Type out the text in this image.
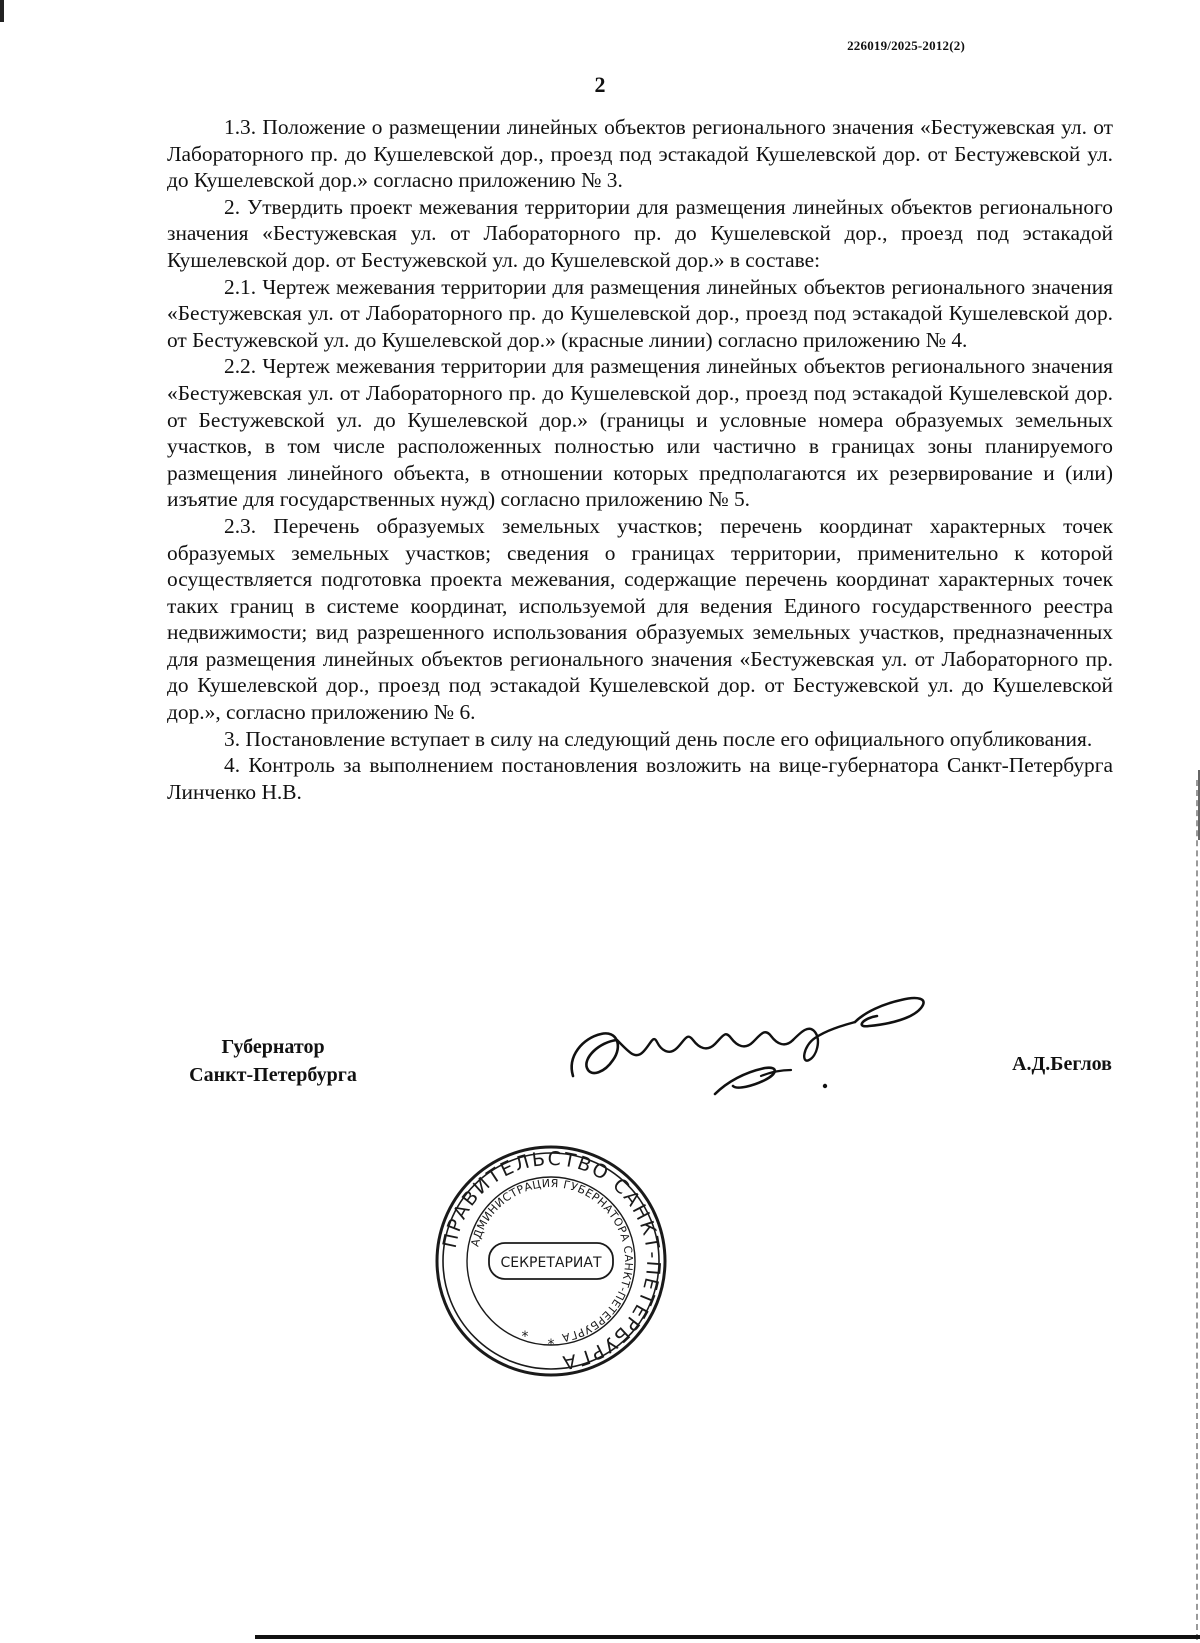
226019/2025-2012(2)
2

1.3. Положение о размещении линейных объектов регионального значения «Бестужевская ул. от Лабораторного пр. до Кушелевской дор., проезд под эстакадой Кушелевской дор. от Бестужевской ул. до Кушелевской дор.» согласно приложению № 3.

2. Утвердить проект межевания территории для размещения линейных объектов регионального значения «Бестужевская ул. от Лабораторного пр. до Кушелевской дор., проезд под эстакадой Кушелевской дор. от Бестужевской ул. до Кушелевской дор.» в составе:

2.1. Чертеж межевания территории для размещения линейных объектов регионального значения «Бестужевская ул. от Лабораторного пр. до Кушелевской дор., проезд под эстакадой Кушелевской дор. от Бестужевской ул. до Кушелевской дор.» (красные линии) согласно приложению № 4.

2.2. Чертеж межевания территории для размещения линейных объектов регионального значения «Бестужевская ул. от Лабораторного пр. до Кушелевской дор., проезд под эстакадой Кушелевской дор. от Бестужевской ул. до Кушелевской дор.» (границы и условные номера образуемых земельных участков, в том числе расположенных полностью или частично в границах зоны планируемого размещения линейного объекта, в отношении которых предполагаются их резервирование и (или) изъятие для государственных нужд) согласно приложению № 5.

2.3. Перечень образуемых земельных участков; перечень координат характерных точек образуемых земельных участков; сведения о границах территории, применительно к которой осуществляется подготовка проекта межевания, содержащие перечень координат характерных точек таких границ в системе координат, используемой для ведения Единого государственного реестра недвижимости; вид разрешенного использования образуемых земельных участков, предназначенных для размещения линейных объектов регионального значения «Бестужевская ул. от Лабораторного пр. до Кушелевской дор., проезд под эстакадой Кушелевской дор. от Бестужевской ул. до Кушелевской дор.», согласно приложению № 6.

3. Постановление вступает в силу на следующий день после его официального опубликования.

4. Контроль за выполнением постановления возложить на вице-губернатора Санкт-Петербурга Линченко Н.В.

Губернатор
Санкт-Петербурга	А.Д.Беглов
ПРАВИТЕЛЬСТВО САНКТ-ПЕТЕРБУРГА
АДМИНИСТРАЦИЯ ГУБЕРНАТОРА САНКТ-ПЕТЕРБУРГА
СЕКРЕТАРИАТ
* *
